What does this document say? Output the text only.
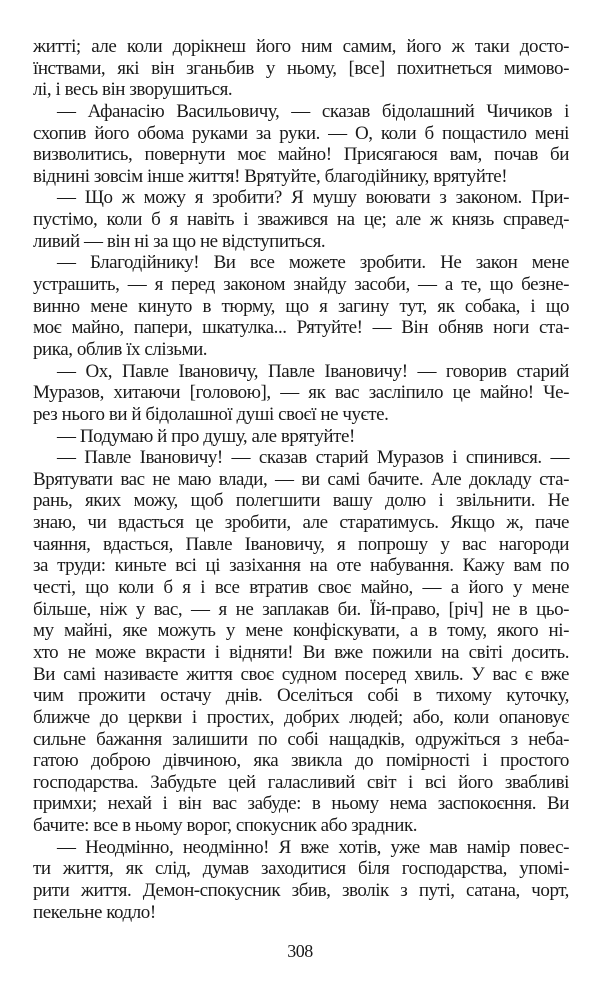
житті; але коли дорікнеш його ним самим, його ж таки досто-
їнствами, які він зганьбив у ньому, [все] похитнеться мимово-
лі, і весь він зворушиться.
— Афанасію Васильовичу, — сказав бідолашний Чичиков і
схопив його обома руками за руки. — О, коли б пощастило мені
визволитись, повернути моє майно! Присягаюся вам, почав би
віднині зовсім інше життя! Врятуйте, благодійнику, врятуйте!
— Що ж можу я зробити? Я мушу воювати з законом. При-
пустімо, коли б я навіть і зважився на це; але ж князь справед-
ливий — він ні за що не відступиться.
— Благодійнику! Ви все можете зробити. Не закон мене
устрашить, — я перед законом знайду засоби, — а те, що безне-
винно мене кинуто в тюрму, що я загину тут, як собака, і що
моє майно, папери, шкатулка... Рятуйте! — Він обняв ноги ста-
рика, облив їх слізьми.
— Ох, Павле Івановичу, Павле Івановичу! — говорив старий
Муразов, хитаючи [головою], — як вас засліпило це майно! Че-
рез нього ви й бідолашної душі своєї не чуєте.
— Подумаю й про душу, але врятуйте!
— Павле Івановичу! — сказав старий Муразов і спинився. —
Врятувати вас не маю влади, — ви самі бачите. Але докладу ста-
рань, яких можу, щоб полегшити вашу долю і звільнити. Не
знаю, чи вдасться це зробити, але старатимусь. Якщо ж, паче
чаяння, вдасться, Павле Івановичу, я попрошу у вас нагороди
за труди: киньте всі ці зазіхання на оте набування. Кажу вам по
честі, що коли б я і все втратив своє майно, — а його у мене
більше, ніж у вас, — я не заплакав би. Їй-право, [річ] не в цьо-
му майні, яке можуть у мене конфіскувати, а в тому, якого ні-
хто не може вкрасти і відняти! Ви вже пожили на світі досить.
Ви самі називаєте життя своє судном посеред хвиль. У вас є вже
чим прожити остачу днів. Оселіться собі в тихому куточку,
ближче до церкви і простих, добрих людей; або, коли опановує
сильне бажання залишити по собі нащадків, одружіться з неба-
гатою доброю дівчиною, яка звикла до помірності і простого
господарства. Забудьте цей галасливий світ і всі його звабливі
примхи; нехай і він вас забуде: в ньому нема заспокоєння. Ви
бачите: все в ньому ворог, спокусник або зрадник.
— Неодмінно, неодмінно! Я вже хотів, уже мав намір повес-
ти життя, як слід, думав заходитися біля господарства, упомі-
рити життя. Демон-спокусник збив, зволік з путі, сатана, чорт,
пекельне кодло!
308
